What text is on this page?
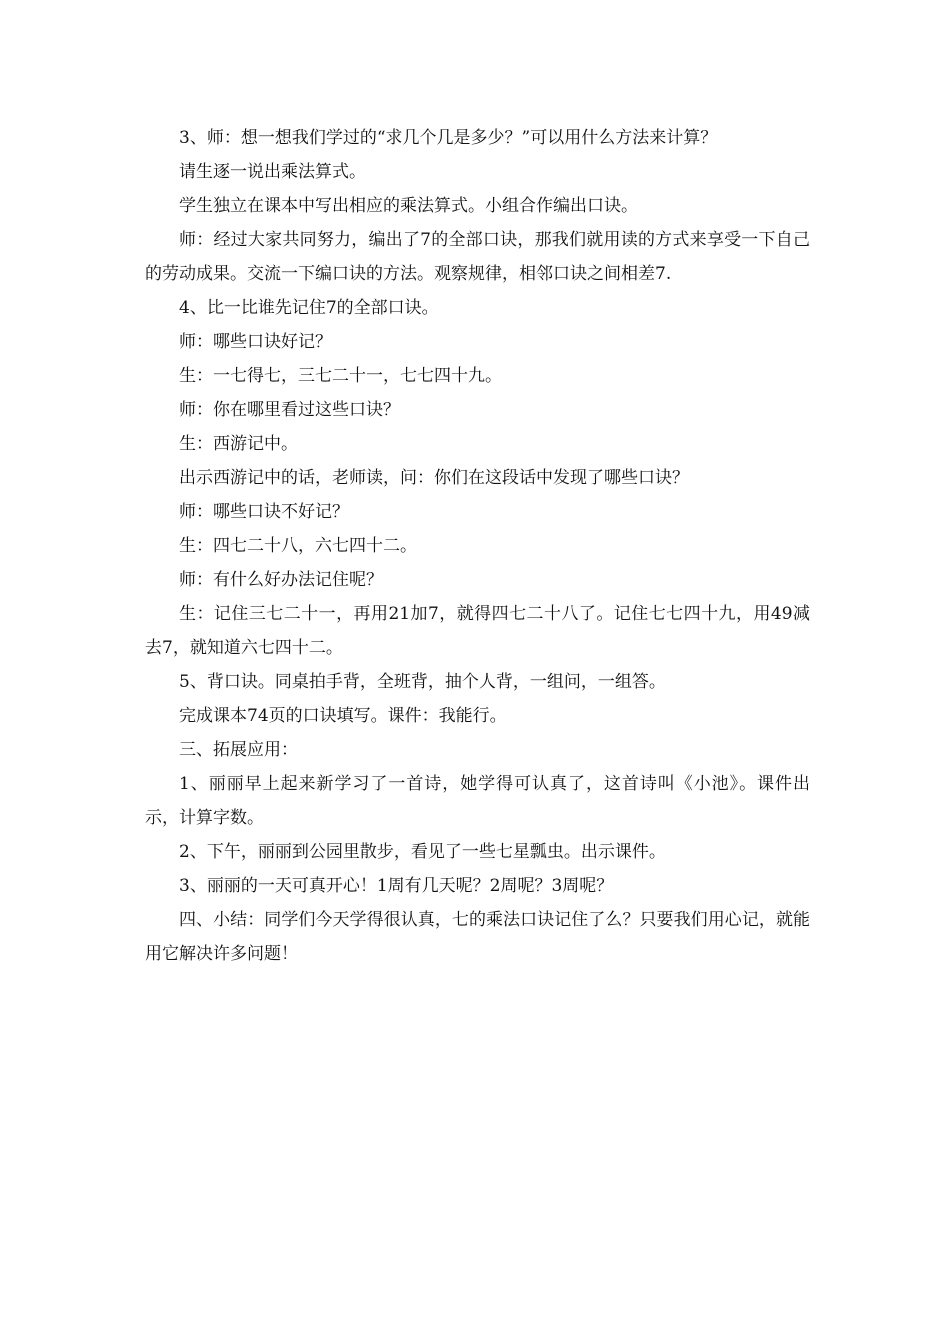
3、师：想一想我们学过的“求几个几是多少？”可以用什么方法来计算？

请生逐一说出乘法算式。

学生独立在课本中写出相应的乘法算式。小组合作编出口诀。

师：经过大家共同努力，编出了7的全部口诀，那我们就用读的方式来享受一下自己的劳动成果。交流一下编口诀的方法。观察规律，相邻口诀之间相差7.

4、比一比谁先记住7的全部口诀。

师：哪些口诀好记？

生：一七得七，三七二十一，七七四十九。

师：你在哪里看过这些口诀？

生：西游记中。

出示西游记中的话，老师读，问：你们在这段话中发现了哪些口诀？

师：哪些口诀不好记？

生：四七二十八，六七四十二。

师：有什么好办法记住呢？

生：记住三七二十一，再用21加7，就得四七二十八了。记住七七四十九，用49减去7，就知道六七四十二。

5、背口诀。同桌拍手背，全班背，抽个人背，一组问，一组答。

完成课本74页的口诀填写。课件：我能行。

三、拓展应用：

1、丽丽早上起来新学习了一首诗，她学得可认真了，这首诗叫《小池》。课件出示，计算字数。

2、下午，丽丽到公园里散步，看见了一些七星瓢虫。出示课件。

3、丽丽的一天可真开心！1周有几天呢？2周呢？3周呢？

四、小结：同学们今天学得很认真，七的乘法口诀记住了么？只要我们用心记，就能用它解决许多问题！
